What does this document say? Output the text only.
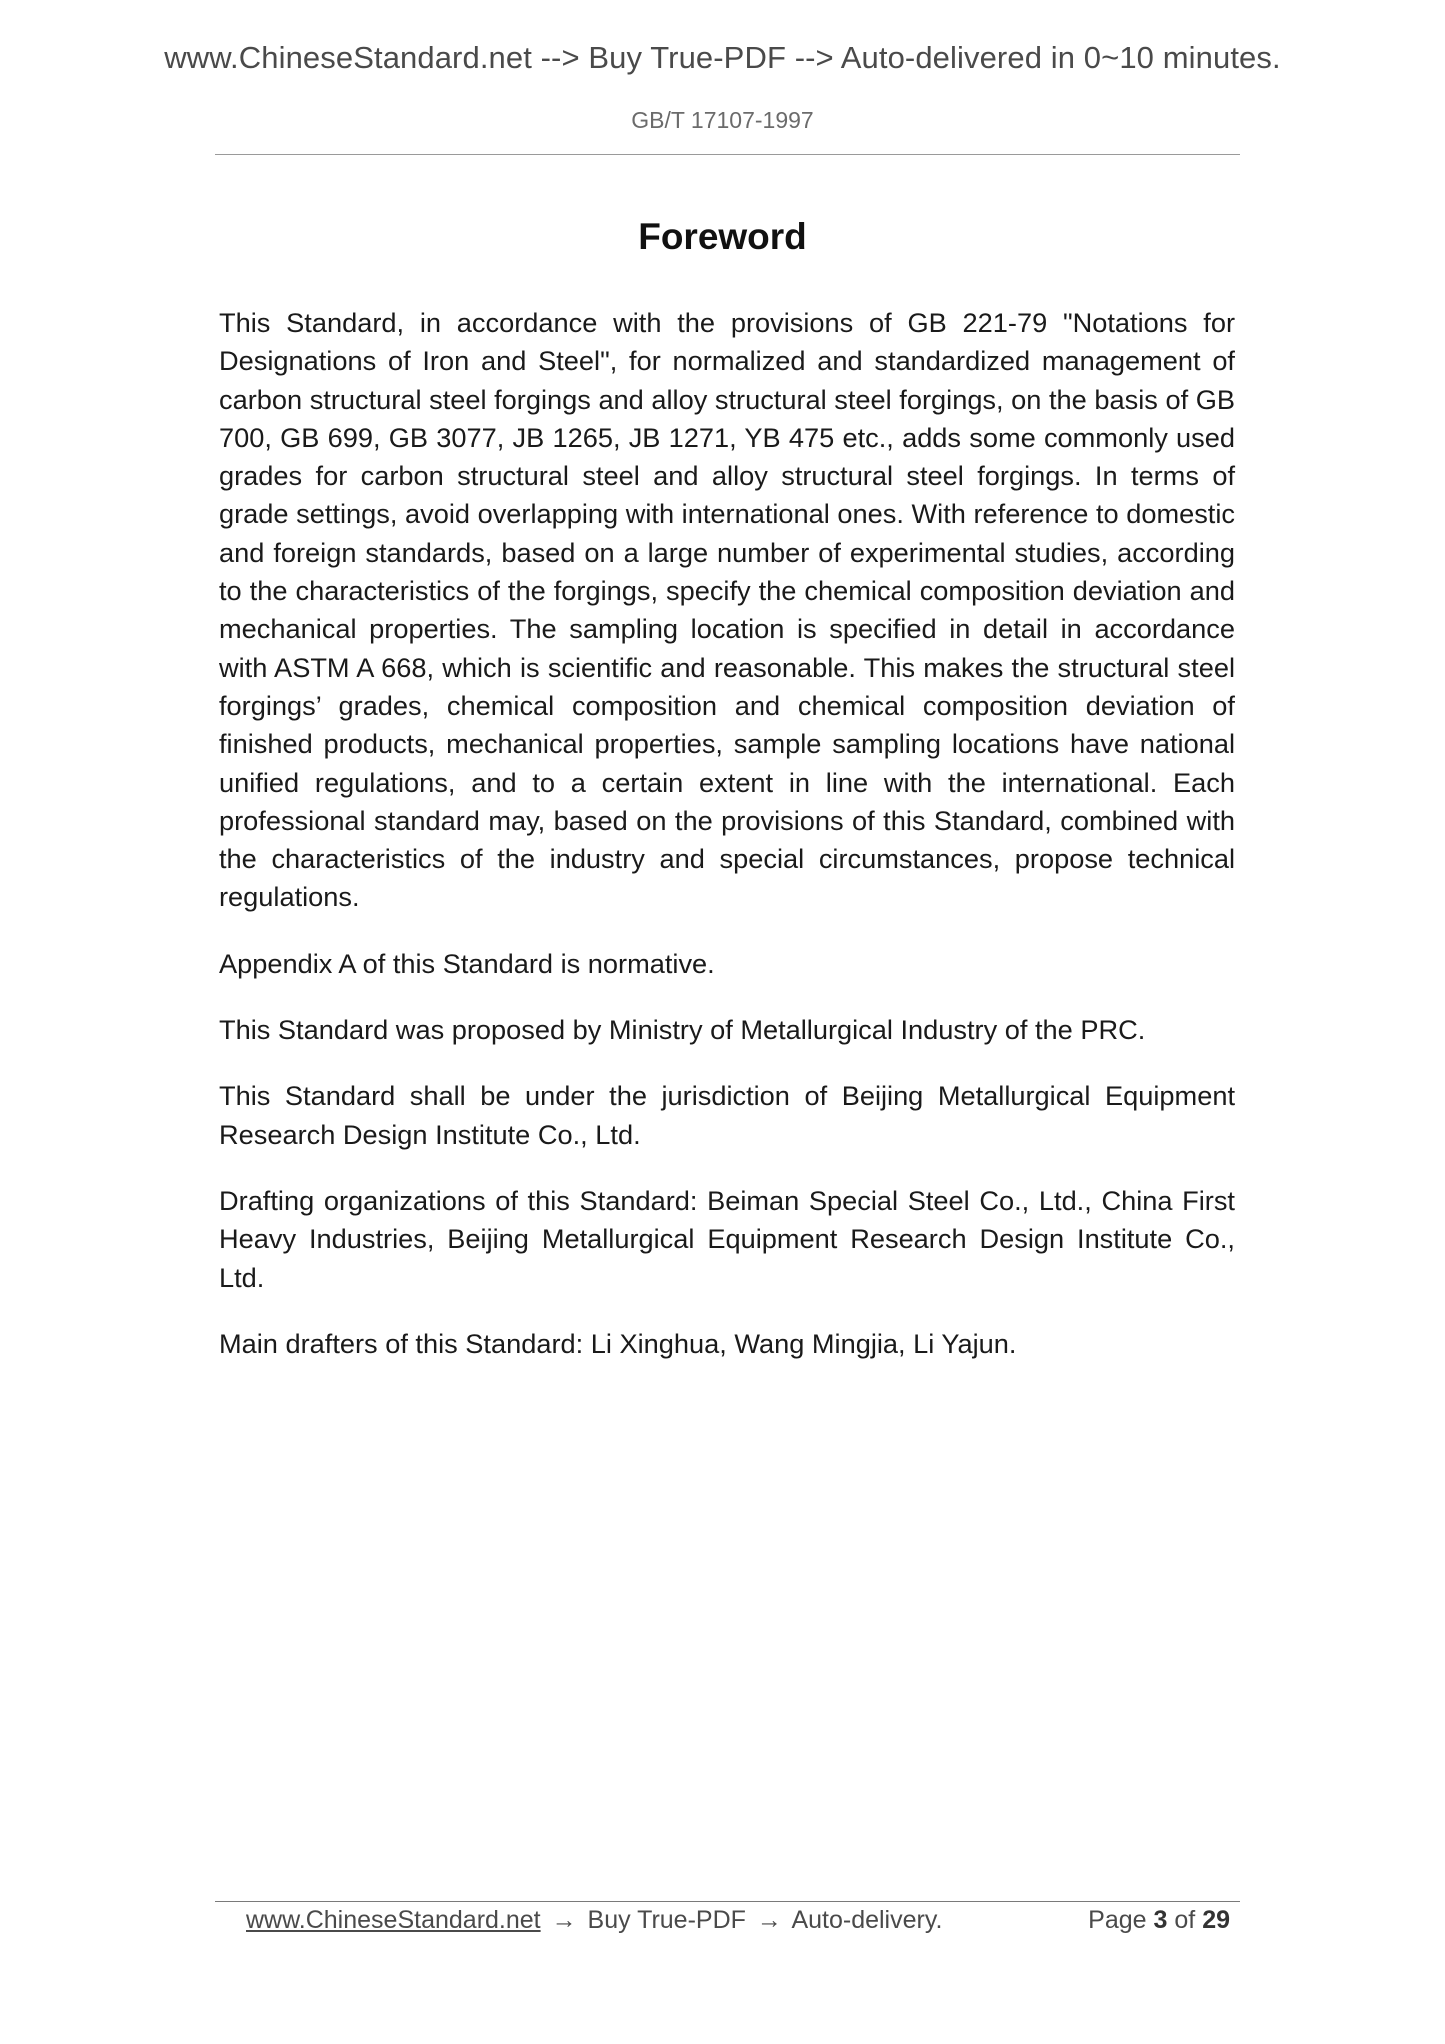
www.ChineseStandard.net --> Buy True-PDF --> Auto-delivered in 0~10 minutes.
GB/T 17107-1997
Foreword

This Standard, in accordance with the provisions of GB 221-79 "Notations for Designations of Iron and Steel", for normalized and standardized management of carbon structural steel forgings and alloy structural steel forgings, on the basis of GB 700, GB 699, GB 3077, JB 1265, JB 1271, YB 475 etc., adds some commonly used grades for carbon structural steel and alloy structural steel forgings. In terms of grade settings, avoid overlapping with international ones. With reference to domestic and foreign standards, based on a large number of experimental studies, according to the characteristics of the forgings, specify the chemical composition deviation and mechanical properties. The sampling location is specified in detail in accordance with ASTM A 668, which is scientific and reasonable. This makes the structural steel forgings’ grades, chemical composition and chemical composition deviation of finished products, mechanical properties, sample sampling locations have national unified regulations, and to a certain extent in line with the international. Each professional standard may, based on the provisions of this Standard, combined with the characteristics of the industry and special circumstances, propose technical regulations.

Appendix A of this Standard is normative.

This Standard was proposed by Ministry of Metallurgical Industry of the PRC.

This Standard shall be under the jurisdiction of Beijing Metallurgical Equipment Research Design Institute Co., Ltd.

Drafting organizations of this Standard: Beiman Special Steel Co., Ltd., China First Heavy Industries, Beijing Metallurgical Equipment Research Design Institute Co., Ltd.

Main drafters of this Standard: Li Xinghua, Wang Mingjia, Li Yajun.

www.ChineseStandard.net → Buy True-PDF → Auto-delivery.	Page 3 of 29
